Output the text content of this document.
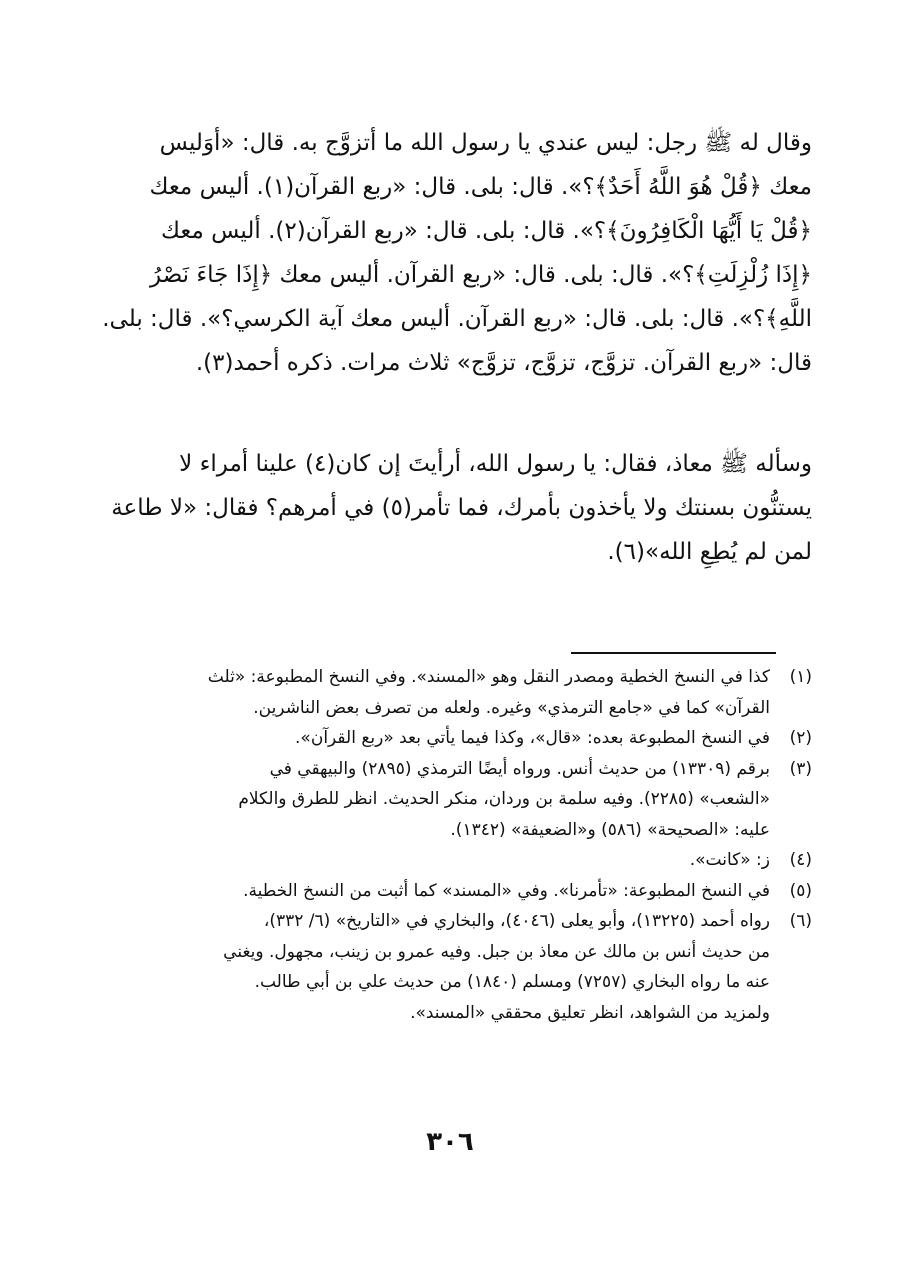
وقال له ﷺ رجل: ليس عندي يا رسول الله ما أتزوَّج به. قال: «أوَليس
معك ﴿قُلْ هُوَ اللَّهُ أَحَدٌ﴾؟». قال: بلى. قال: «ربع القرآن(١). أليس معك
﴿قُلْ يَا أَيُّهَا الْكَافِرُونَ﴾؟». قال: بلى. قال: «ربع القرآن(٢). أليس معك
﴿إِذَا زُلْزِلَتِ﴾؟». قال: بلى. قال: «ربع القرآن. أليس معك ﴿إِذَا جَاءَ نَصْرُ
اللَّهِ﴾؟». قال: بلى. قال: «ربع القرآن. أليس معك آية الكرسي؟». قال: بلى.
قال: «ربع القرآن. تزوَّج، تزوَّج، تزوَّج» ثلاث مرات. ذكره أحمد(٣).
وسأله ﷺ معاذ، فقال: يا رسول الله، أرأيتَ إن كان(٤) علينا أمراء لا
يستنُّون بسنتك ولا يأخذون بأمرك، فما تأمر(٥) في أمرهم؟ فقال: «لا طاعة
لمن لم يُطِعِ الله»(٦).
(١)
كذا في النسخ الخطية ومصدر النقل وهو «المسند». وفي النسخ المطبوعة: «ثلث
القرآن» كما في «جامع الترمذي» وغيره. ولعله من تصرف بعض الناشرين.
(٢)
في النسخ المطبوعة بعده: «قال»، وكذا فيما يأتي بعد «ربع القرآن».
(٣)
برقم (١٣٣٠٩) من حديث أنس. ورواه أيضًا الترمذي (٢٨٩٥) والبيهقي في
«الشعب» (٢٢٨٥). وفيه سلمة بن وردان، منكر الحديث. انظر للطرق والكلام
عليه: «الصحيحة» (٥٨٦) و«الضعيفة» (١٣٤٢).
(٤)
ز: «كانت».
(٥)
في النسخ المطبوعة: «تأمرنا». وفي «المسند» كما أثبت من النسخ الخطية.
(٦)
رواه أحمد (١٣٢٢٥)، وأبو يعلى (٤٠٤٦)، والبخاري في «التاريخ» (٦/ ٣٣٢)،
من حديث أنس بن مالك عن معاذ بن جبل. وفيه عمرو بن زينب، مجهول. ويغني
عنه ما رواه البخاري (٧٢٥٧) ومسلم (١٨٤٠) من حديث علي بن أبي طالب.
ولمزيد من الشواهد، انظر تعليق محققي «المسند».
٣٠٦
